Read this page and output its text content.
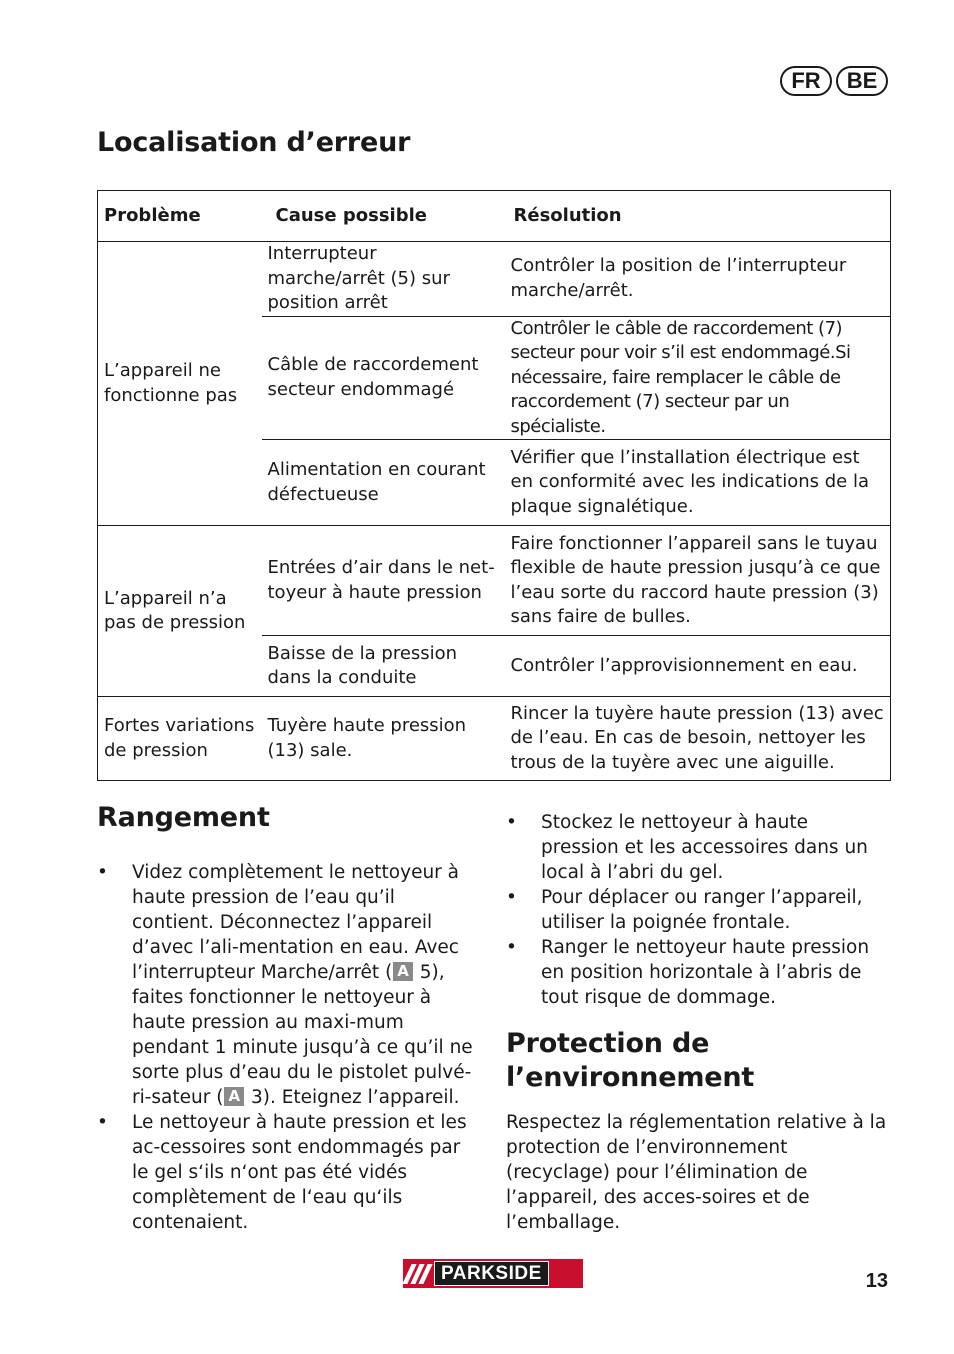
FR	BE
Localisation d’erreur
Problème	Cause possible	Résolution
L’appareil ne fonctionne pas	Interrupteur marche/arrêt (5) sur position arrêt	Contrôler la position de l’interrupteur marche/arrêt.
	Câble de raccordement secteur endommagé	Contrôler le câble de raccordement (7) secteur pour voir s’il est endommagé.Si nécessaire, faire remplacer le câble de raccordement (7) secteur par un spécialiste.
	Alimentation en courant défectueuse	Vérifier que l’installation électrique est en conformité avec les indications de la plaque signalétique.
L’appareil n’a pas de pression	Entrées d’air dans le net-toyeur à haute pression	Faire fonctionner l’appareil sans le tuyau flexible de haute pression jusqu’à ce que l’eau sorte du raccord haute pression (3) sans faire de bulles.
	Baisse de la pression dans la conduite	Contrôler l’approvisionnement en eau.
Fortes variations de pression	Tuyère haute pression (13) sale.	Rincer la tuyère haute pression (13) avec de l’eau. En cas de besoin, nettoyer les trous de la tuyère avec une aiguille.
Rangement
• Videz complètement le nettoyeur à haute pression de l’eau qu’il contient. Déconnectez l’appareil d’avec l’ali-mentation en eau. Avec l’interrupteur Marche/arrêt ( A 5), faites fonctionner le nettoyeur à haute pression au maxi-mum pendant 1 minute jusqu’à ce qu’il ne sorte plus d’eau du le pistolet pulvé-ri-sateur ( A 3). Eteignez l’appareil.
• Le nettoyeur à haute pression et les ac-cessoires sont endommagés par le gel s‘ils n‘ont pas été vidés complètement de l‘eau qu‘ils contenaient.
• Stockez le nettoyeur à haute pression et les accessoires dans un local à l’abri du gel.
• Pour déplacer ou ranger l’appareil, utiliser la poignée frontale.
• Ranger le nettoyeur haute pression en position horizontale à l’abris de tout risque de dommage.
Protection de l’environnement
Respectez la réglementation relative à la protection de l’environnement (recyclage) pour l’élimination de l’appareil, des acces-soires et de l’emballage.
PARKSIDE	13
